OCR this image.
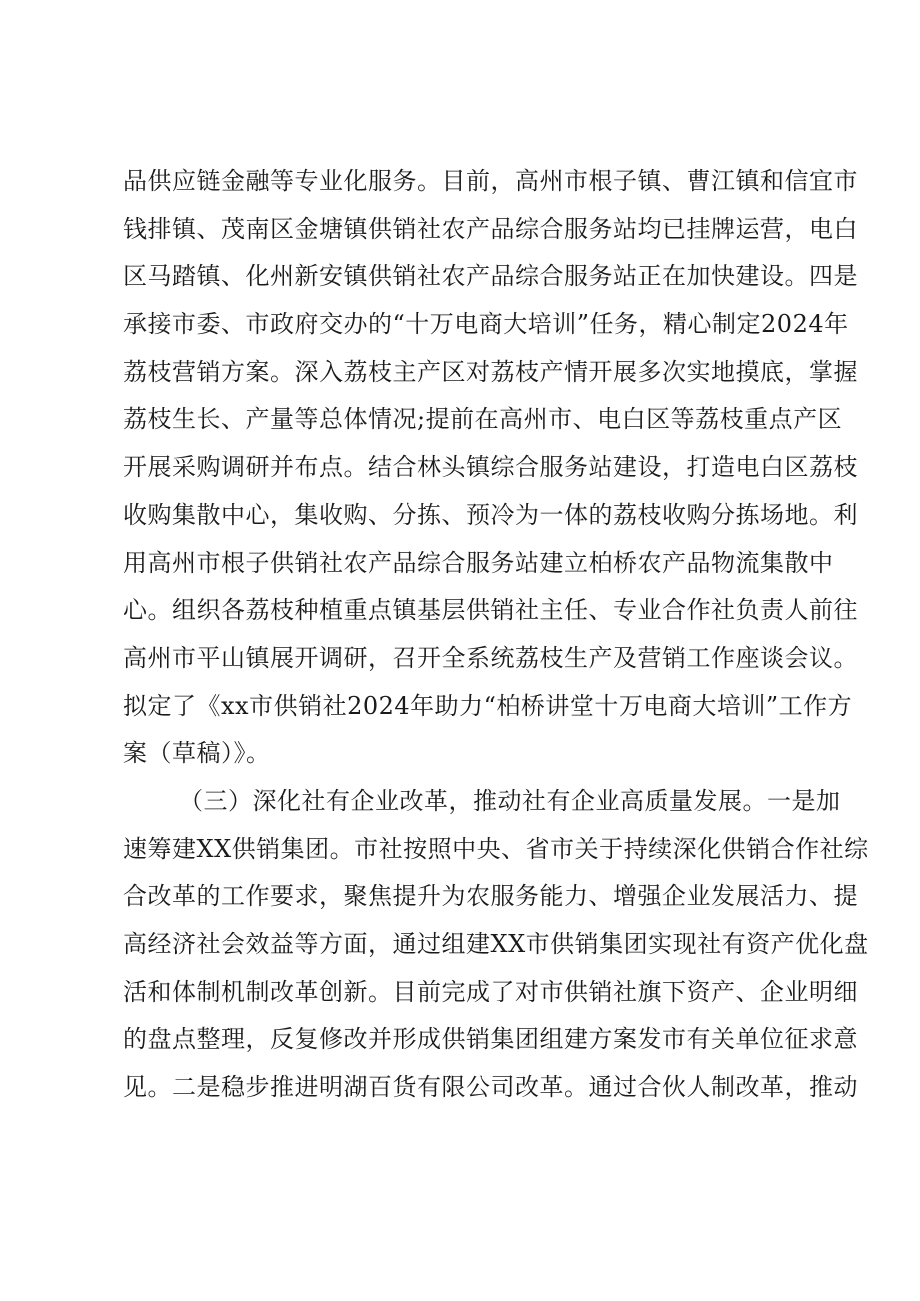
品供应链金融等专业化服务。目前，高州市根子镇、曹江镇和信宜市
钱排镇、茂南区金塘镇供销社农产品综合服务站均已挂牌运营，电白
区马踏镇、化州新安镇供销社农产品综合服务站正在加快建设。四是
承接市委、市政府交办的“十万电商大培训”任务，精心制定2024年
荔枝营销方案。深入荔枝主产区对荔枝产情开展多次实地摸底，掌握
荔枝生长、产量等总体情况;提前在高州市、电白区等荔枝重点产区
开展采购调研并布点。结合林头镇综合服务站建设，打造电白区荔枝
收购集散中心，集收购、分拣、预冷为一体的荔枝收购分拣场地。利
用高州市根子供销社农产品综合服务站建立柏桥农产品物流集散中
心。组织各荔枝种植重点镇基层供销社主任、专业合作社负责人前往
高州市平山镇展开调研，召开全系统荔枝生产及营销工作座谈会议。
拟定了《xx市供销社2024年助力“柏桥讲堂十万电商大培训”工作方
案（草稿）》。
（三）深化社有企业改革，推动社有企业高质量发展。一是加
速筹建XX供销集团。市社按照中央、省市关于持续深化供销合作社综
合改革的工作要求，聚焦提升为农服务能力、增强企业发展活力、提
高经济社会效益等方面，通过组建XX市供销集团实现社有资产优化盘
活和体制机制改革创新。目前完成了对市供销社旗下资产、企业明细
的盘点整理，反复修改并形成供销集团组建方案发市有关单位征求意
见。二是稳步推进明湖百货有限公司改革。通过合伙人制改革，推动
